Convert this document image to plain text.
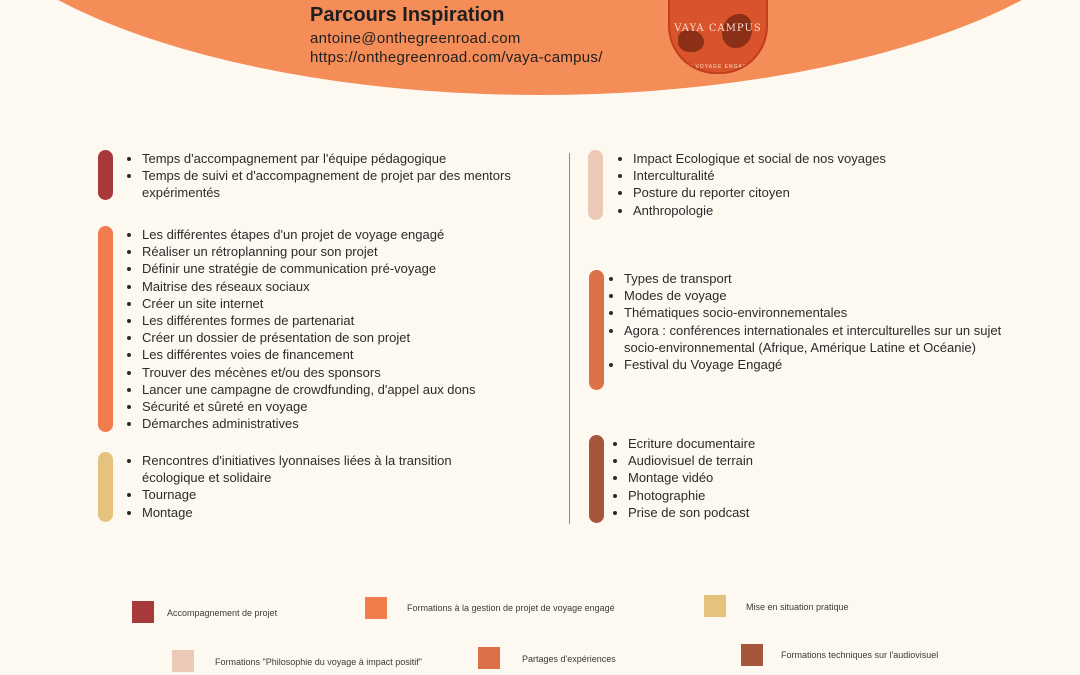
Parcours Inspiration
antoine@onthegreenroad.com
https://onthegreenroad.com/vaya-campus/
VAYA CAMPUS
DU VOYAGE ENGAGE
• Temps d'accompagnement par l'équipe pédagogique
• Temps de suivi et d'accompagnement de projet par des mentors expérimentés
• Les différentes étapes d'un projet de voyage engagé
• Réaliser un rétroplanning pour son projet
• Définir une stratégie de communication pré-voyage
• Maitrise des réseaux sociaux
• Créer un site internet
• Les différentes formes de partenariat
• Créer un dossier de présentation de son projet
• Les différentes voies de financement
• Trouver des mécènes et/ou des sponsors
• Lancer une campagne de crowdfunding, d'appel aux dons
• Sécurité et sûreté en voyage
• Démarches administratives
• Rencontres d'initiatives lyonnaises liées à la transition écologique et solidaire
• Tournage
• Montage
• Impact Ecologique et social de nos voyages
• Interculturalité
• Posture du reporter citoyen
• Anthropologie
• Types de transport
• Modes de voyage
• Thématiques socio-environnementales
• Agora : conférences internationales et interculturelles sur un sujet socio-environnemental (Afrique, Amérique Latine et Océanie)
• Festival du Voyage Engagé
• Ecriture documentaire
• Audiovisuel de terrain
• Montage vidéo
• Photographie
• Prise de son podcast
Accompagnement de projet	Formations à la gestion de projet de voyage engagé	Mise en situation pratique
Formations "Philosophie du voyage à impact positif"	Partages d'expériences	Formations techniques sur l'audiovisuel
